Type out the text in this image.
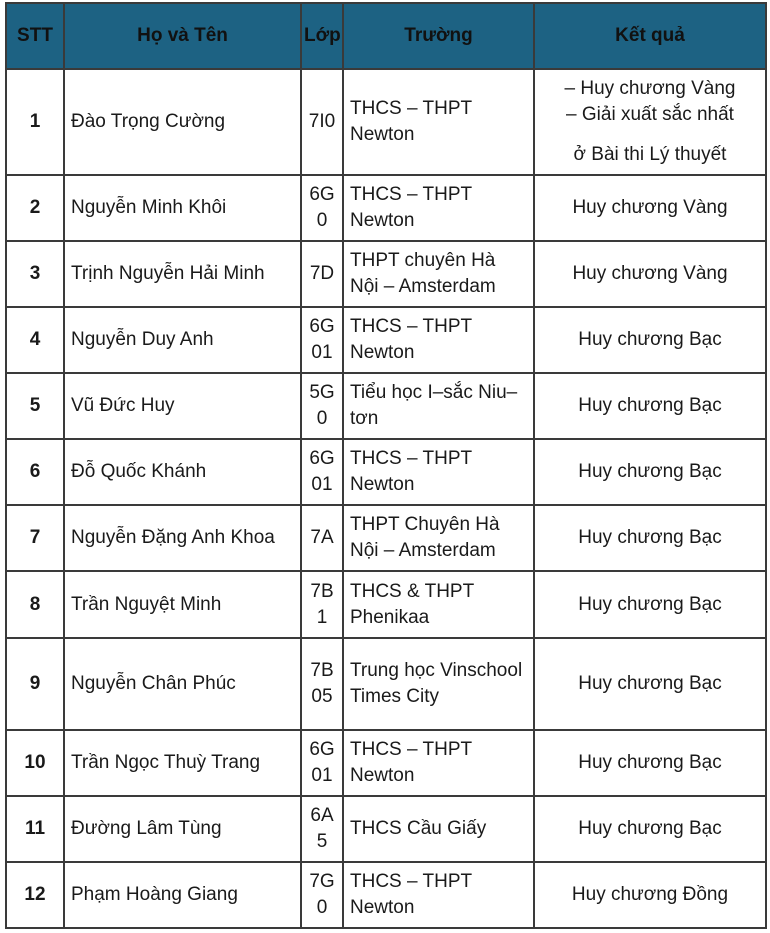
STT	Họ và Tên	Lớp	Trường	Kết quả
1	Đào Trọng Cường	7I0	THCS – THPT Newton	– Huy chương Vàng
– Giải xuất sắc nhất
ở Bài thi Lý thuyết

2	Nguyễn Minh Khôi	6G0	THCS – THPT Newton	Huy chương Vàng
3	Trịnh Nguyễn Hải Minh	7D	THPT chuyên Hà Nội – Amsterdam	Huy chương Vàng
4	Nguyễn Duy Anh	6G01	THCS – THPT Newton	Huy chương Bạc
5	Vũ Đức Huy	5G0	Tiểu học I–sắc Niu–tơn	Huy chương Bạc
6	Đỗ Quốc Khánh	6G01	THCS – THPT Newton	Huy chương Bạc
7	Nguyễn Đặng Anh Khoa	7A	THPT Chuyên Hà Nội – Amsterdam	Huy chương Bạc
8	Trần Nguyệt Minh	7B1	THCS & THPT Phenikaa	Huy chương Bạc
9	Nguyễn Chân Phúc	7B05	Trung học Vinschool Times City	Huy chương Bạc
10	Trần Ngọc Thuỳ Trang	6G01	THCS – THPT Newton	Huy chương Bạc
11	Đường Lâm Tùng	6A5	THCS Cầu Giấy	Huy chương Bạc
12	Phạm Hoàng Giang	7G0	THCS – THPT Newton	Huy chương Đồng
